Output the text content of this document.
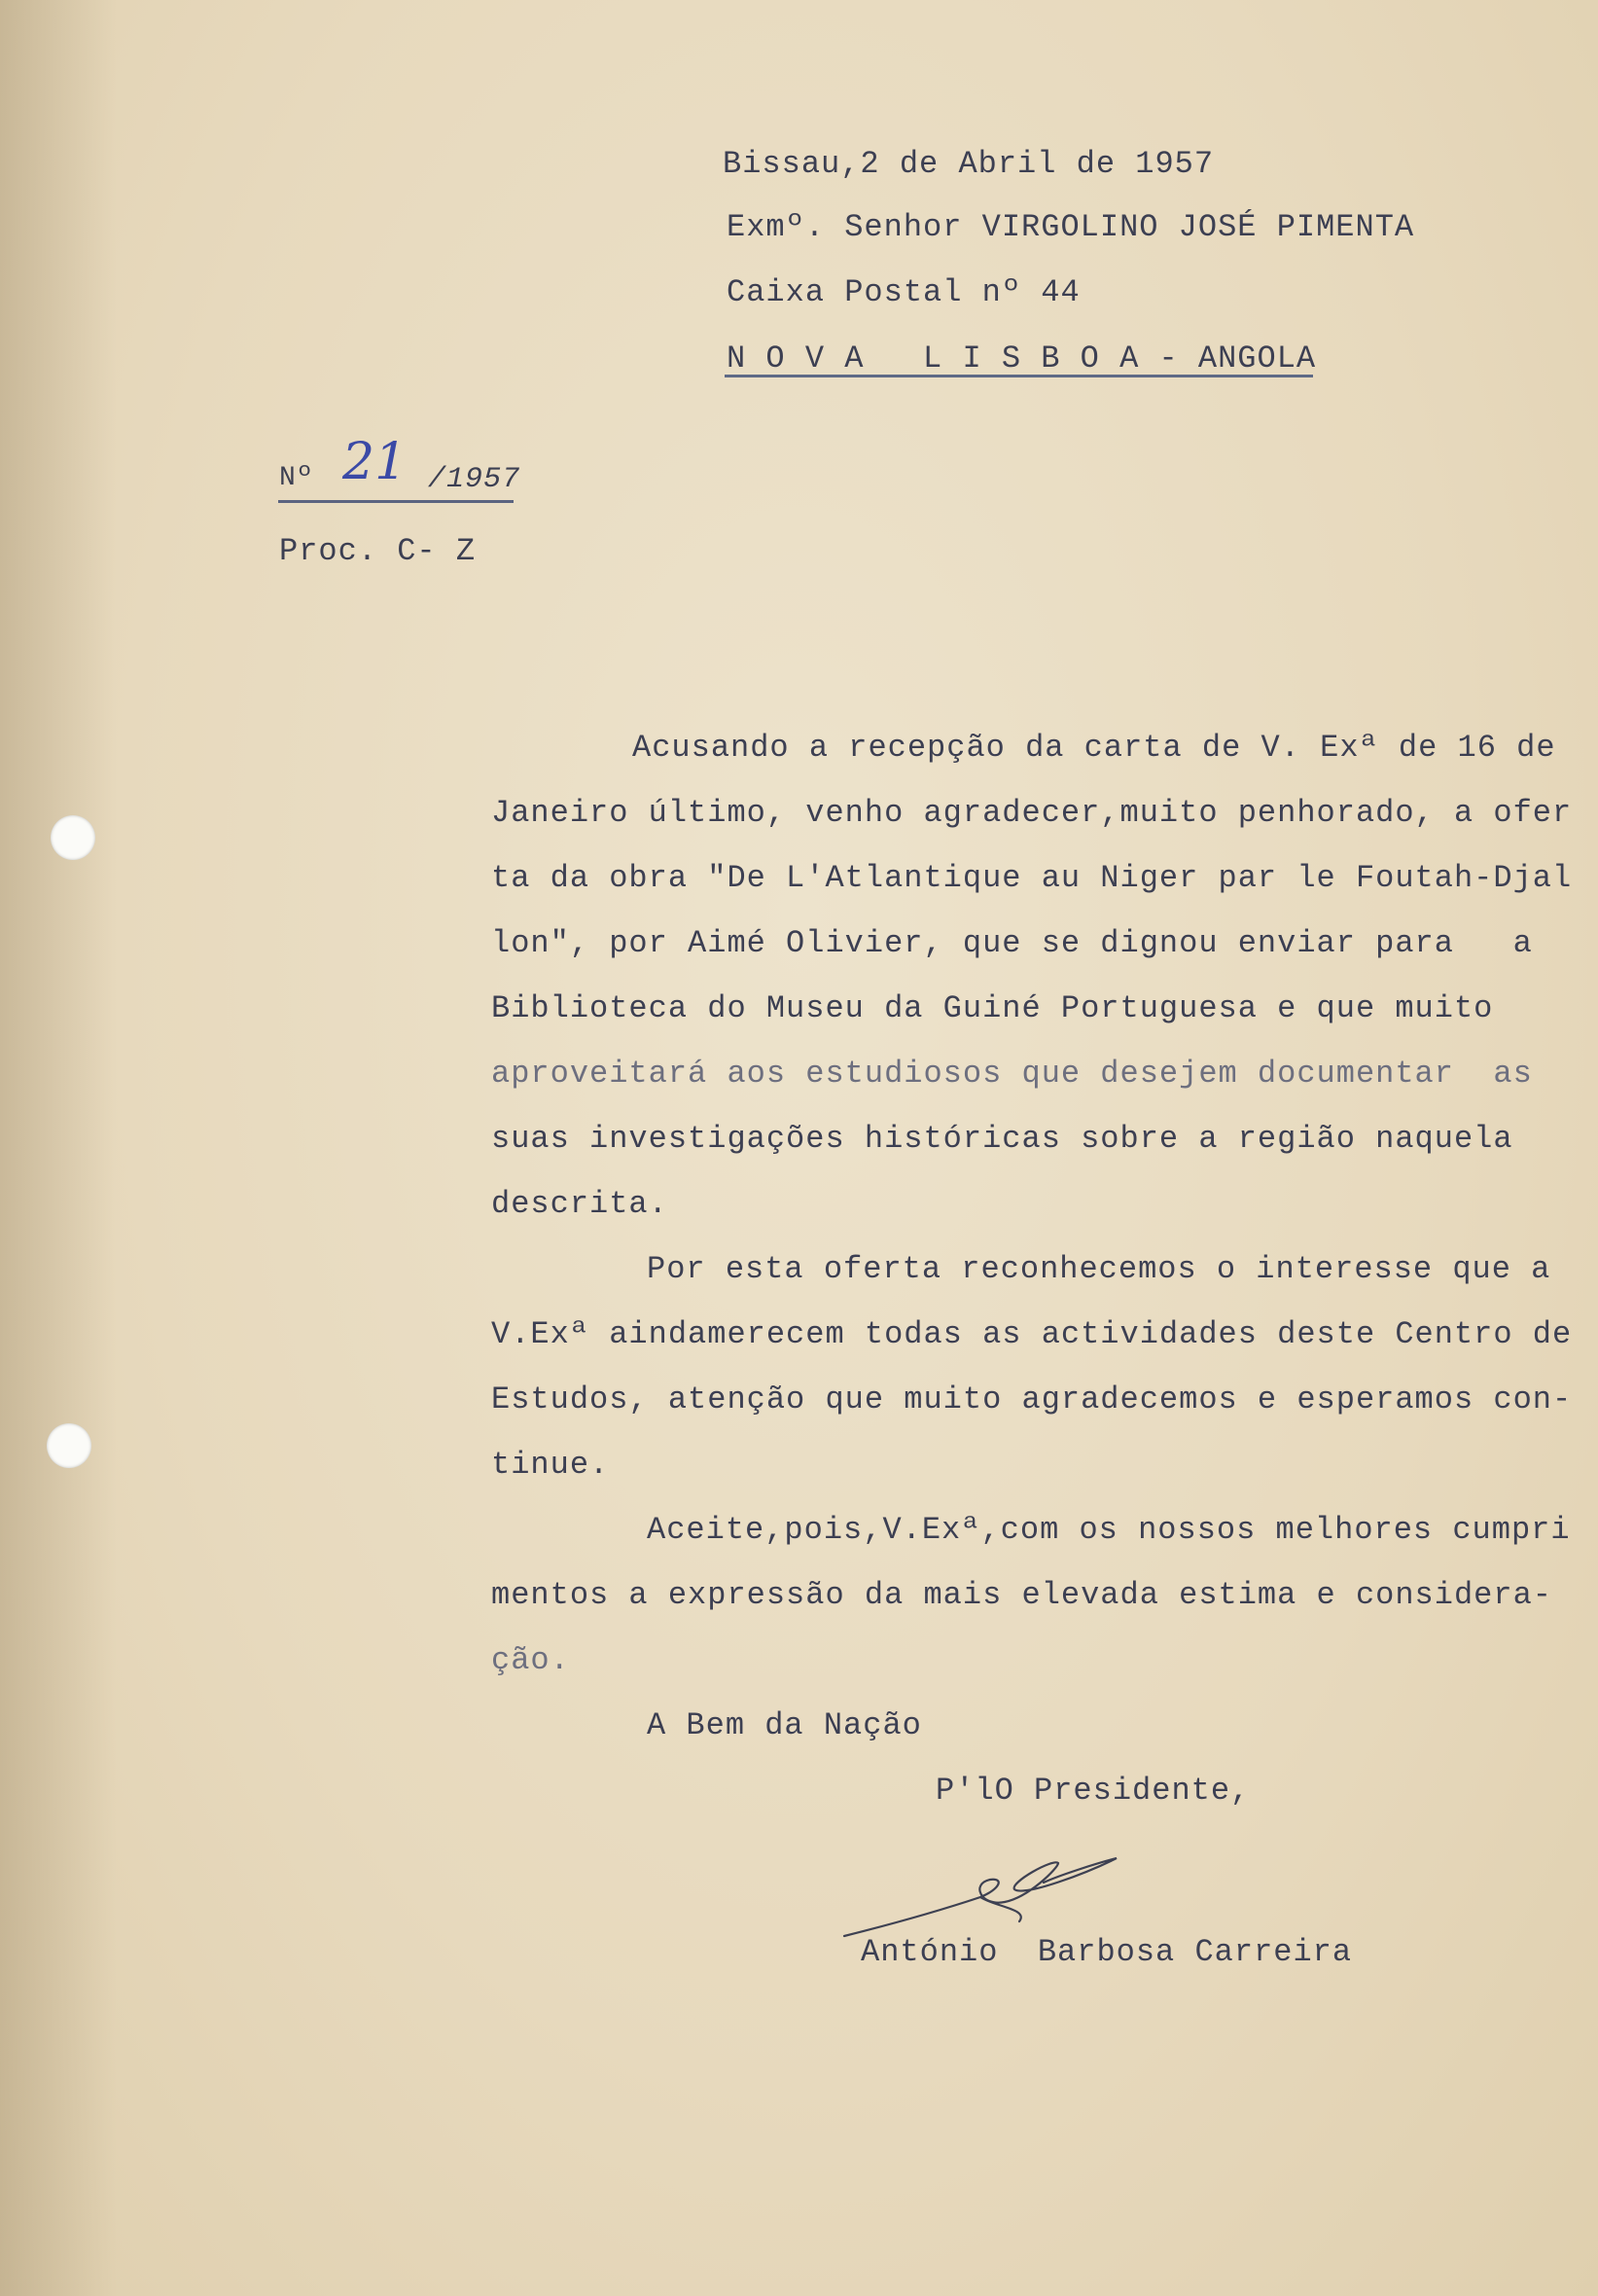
Bissau,2 de Abril de 1957
Exmº. Senhor VIRGOLINO JOSÉ PIMENTA
Caixa Postal nº 44
N O V A   L I S B O A - ANGOLA
Nº 21 /1957
Proc. C- Z
Acusando a recepção da carta de V. Exª de 16 de
Janeiro último, venho agradecer,muito penhorado, a ofer
ta da obra "De L'Atlantique au Niger par le Foutah-Djal
lon", por Aimé Olivier, que se dignou enviar para   a
Biblioteca do Museu da Guiné Portuguesa e que muito
aproveitará aos estudiosos que desejem documentar  as
suas investigações históricas sobre a região naquela
descrita.
Por esta oferta reconhecemos o interesse que a
V.Exª aindamerecem todas as actividades deste Centro de
Estudos, atenção que muito agradecemos e esperamos con-
tinue.
Aceite,pois,V.Exª,com os nossos melhores cumpri
mentos a expressão da mais elevada estima e considera-
ção.
A Bem da Nação
P'lO Presidente,
António  Barbosa Carreira
